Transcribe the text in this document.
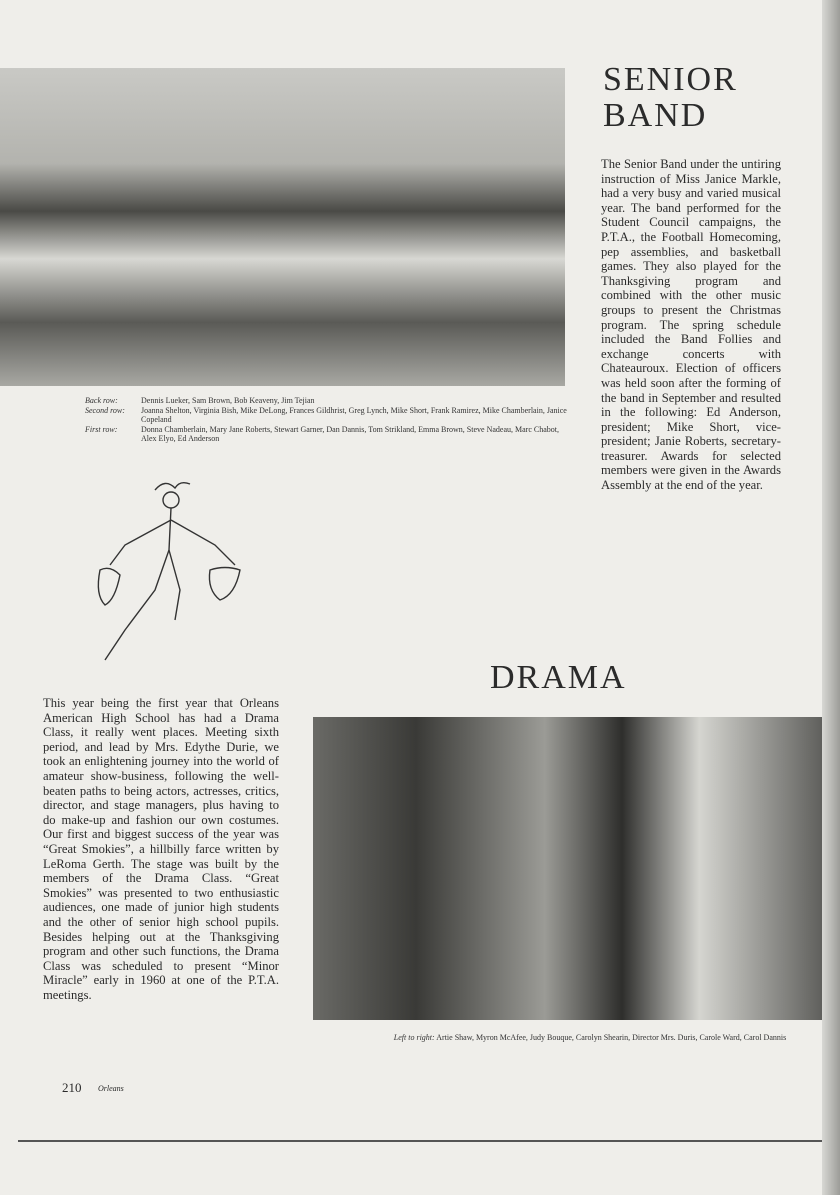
SENIOR
BAND
The Senior Band under the untiring instruction of Miss Janice Markle, had a very busy and varied musical year. The band performed for the Student Council campaigns, the P.T.A., the Football Homecoming, pep assemblies, and basketball games. They also played for the Thanksgiving program and combined with the other music groups to present the Christmas program. The spring schedule included the Band Follies and exchange concerts with Chateauroux. Election of officers was held soon after the forming of the band in September and resulted in the following: Ed Anderson, president; Mike Short, vice-president; Janie Roberts, secretary-treasurer. Awards for selected members were given in the Awards Assembly at the end of the year.
Back row:	Dennis Lueker, Sam Brown, Bob Keaveny, Jim Tejian
Second row:	Joanna Shelton, Virginia Bish, Mike DeLong, Frances Gildhrist, Greg Lynch, Mike Short, Frank Ramirez, Mike Chamberlain, Janice Copeland
First row:	Donna Chamberlain, Mary Jane Roberts, Stewart Garner, Dan Dannis, Tom Strikland, Emma Brown, Steve Nadeau, Marc Chabot, Alex Elyo, Ed Anderson
DRAMA
This year being the first year that Orleans American High School has had a Drama Class, it really went places. Meeting sixth period, and lead by Mrs. Edythe Durie, we took an enlightening journey into the world of amateur show-business, following the well-beaten paths to being actors, actresses, critics, director, and stage managers, plus having to do make-up and fashion our own costumes. Our first and biggest success of the year was “Great Smokies”, a hillbilly farce written by LeRoma Gerth. The stage was built by the members of the Drama Class. “Great Smokies” was presented to two enthusiastic audiences, one made of junior high students and the other of senior high school pupils. Besides helping out at the Thanksgiving program and other such functions, the Drama Class was scheduled to present “Minor Miracle” early in 1960 at one of the P.T.A. meetings.
Left to right: Artie Shaw, Myron McAfee, Judy Bouque, Carolyn Shearin, Director Mrs. Duris, Carole Ward, Carol Dannis
210 Orleans
